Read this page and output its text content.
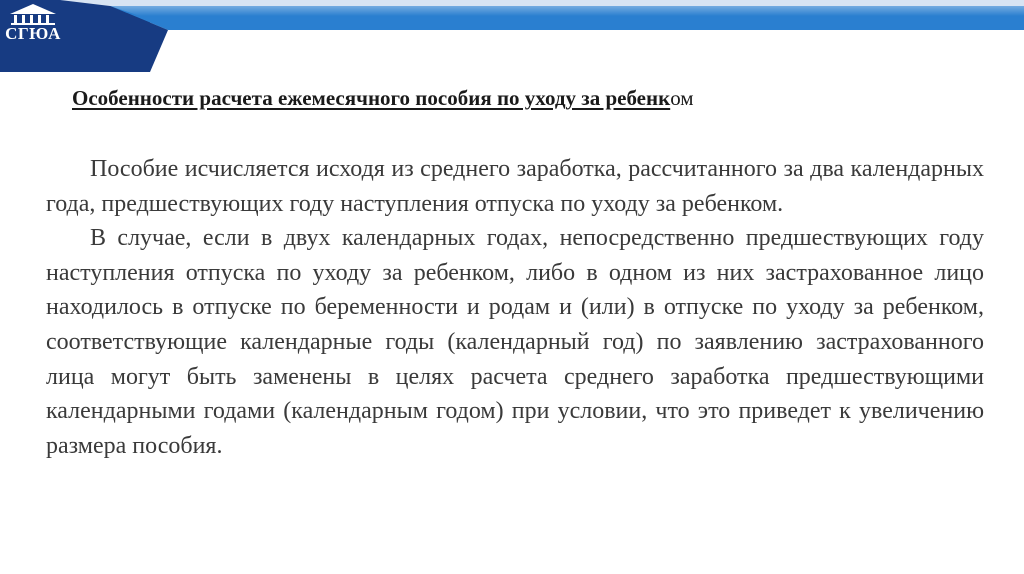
СГЮА
Особенности расчета ежемесячного пособия по уходу за ребенком

Пособие исчисляется исходя из среднего заработка, рассчитанного за два календарных года, предшествующих году наступления отпуска по уходу за ребенком.

В случае, если в двух календарных годах, непосредственно предшествующих году наступления отпуска по уходу за ребенком, либо в одном из них застрахованное лицо находилось в отпуске по беременности и родам и (или) в отпуске по уходу за ребенком, соответствующие календарные годы (календарный год) по заявлению застрахованного лица могут быть заменены в целях расчета среднего заработка предшествующими календарными годами (календарным годом) при условии, что это приведет к увеличению размера пособия.
